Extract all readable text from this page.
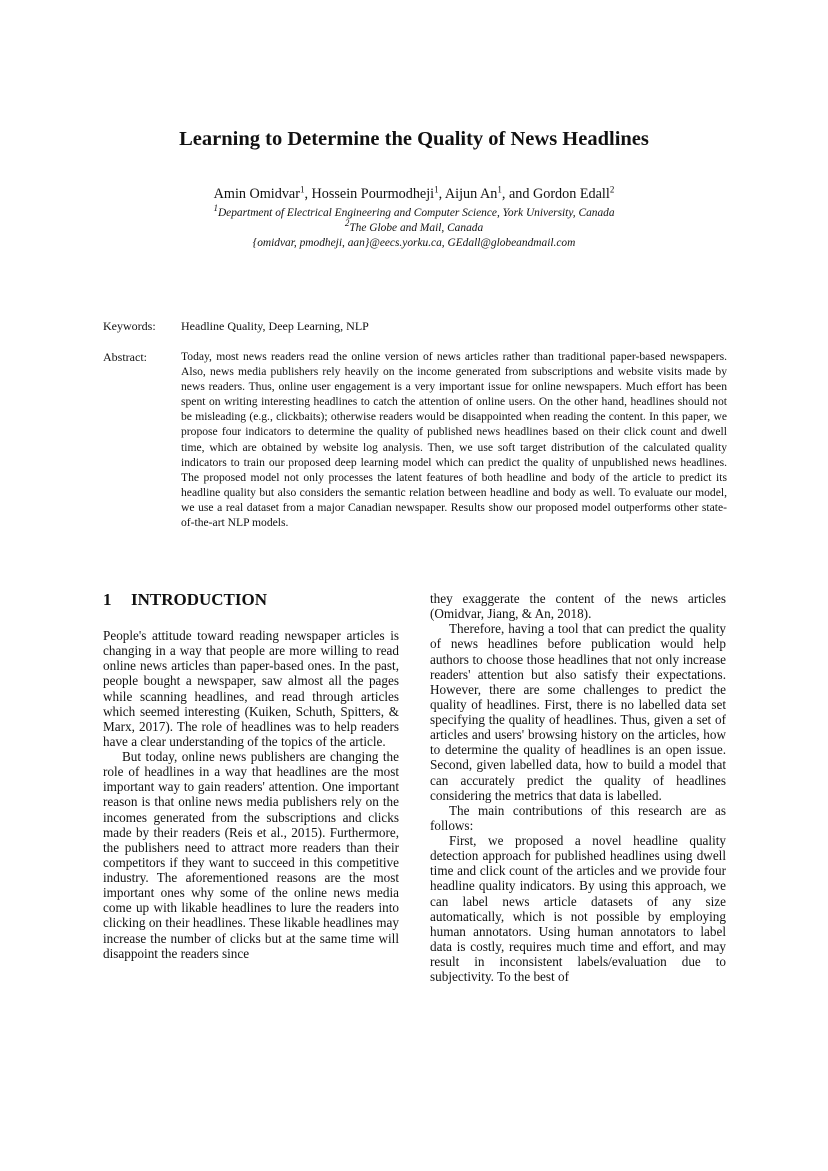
Learning to Determine the Quality of News Headlines
Amin Omidvar$^1$, Hossein Pourmodheji$^1$, Aijun An$^1$, and Gordon Edall$^2$
$^1$Department of Electrical Engineering and Computer Science, York University, Canada
$^2$The Globe and Mail, Canada
{omidvar, pmodheji, aan}@eecs.yorku.ca, GEdall@globeandmail.com
Keywords: Headline Quality, Deep Learning, NLP
Abstract:	Today, most news readers read the online version of news articles rather than traditional paper-based newspapers. Also, news media publishers rely heavily on the income generated from subscriptions and website visits made by news readers. Thus, online user engagement is a very important issue for online newspapers. Much effort has been spent on writing interesting headlines to catch the attention of online users. On the other hand, headlines should not be misleading (e.g., clickbaits); otherwise readers would be disappointed when reading the content. In this paper, we propose four indicators to determine the quality of published news headlines based on their click count and dwell time, which are obtained by website log analysis. Then, we use soft target distribution of the calculated quality indicators to train our proposed deep learning model which can predict the quality of unpublished news headlines. The proposed model not only processes the latent features of both headline and body of the article to predict its headline quality but also considers the semantic relation between headline and body as well. To evaluate our model, we use a real dataset from a major Canadian newspaper. Results show our proposed model outperforms other state-of-the-art NLP models.

1 INTRODUCTION

People's attitude toward reading newspaper articles is changing in a way that people are more willing to read online news articles than paper-based ones. In the past, people bought a newspaper, saw almost all the pages while scanning headlines, and read through articles which seemed interesting (Kuiken, Schuth, Spitters, & Marx, 2017). The role of headlines was to help readers have a clear understanding of the topics of the article.

But today, online news publishers are changing the role of headlines in a way that headlines are the most important way to gain readers' attention. One important reason is that online news media publishers rely on the incomes generated from the subscriptions and clicks made by their readers (Reis et al., 2015). Furthermore, the publishers need to attract more readers than their competitors if they want to succeed in this competitive industry. The aforementioned reasons are the most important ones why some of the online news media come up with likable headlines to lure the readers into clicking on their headlines. These likable headlines may increase the number of clicks but at the same time will disappoint the readers since

they exaggerate the content of the news articles (Omidvar, Jiang, & An, 2018).

Therefore, having a tool that can predict the quality of news headlines before publication would help authors to choose those headlines that not only increase readers' attention but also satisfy their expectations. However, there are some challenges to predict the quality of headlines. First, there is no labelled data set specifying the quality of headlines. Thus, given a set of articles and users' browsing history on the articles, how to determine the quality of headlines is an open issue. Second, given labelled data, how to build a model that can accurately predict the quality of headlines considering the metrics that data is labelled.

The main contributions of this research are as follows:

First, we proposed a novel headline quality detection approach for published headlines using dwell time and click count of the articles and we provide four headline quality indicators. By using this approach, we can label news article datasets of any size automatically, which is not possible by employing human annotators. Using human annotators to label data is costly, requires much time and effort, and may result in inconsistent labels/evaluation due to subjectivity. To the best of
